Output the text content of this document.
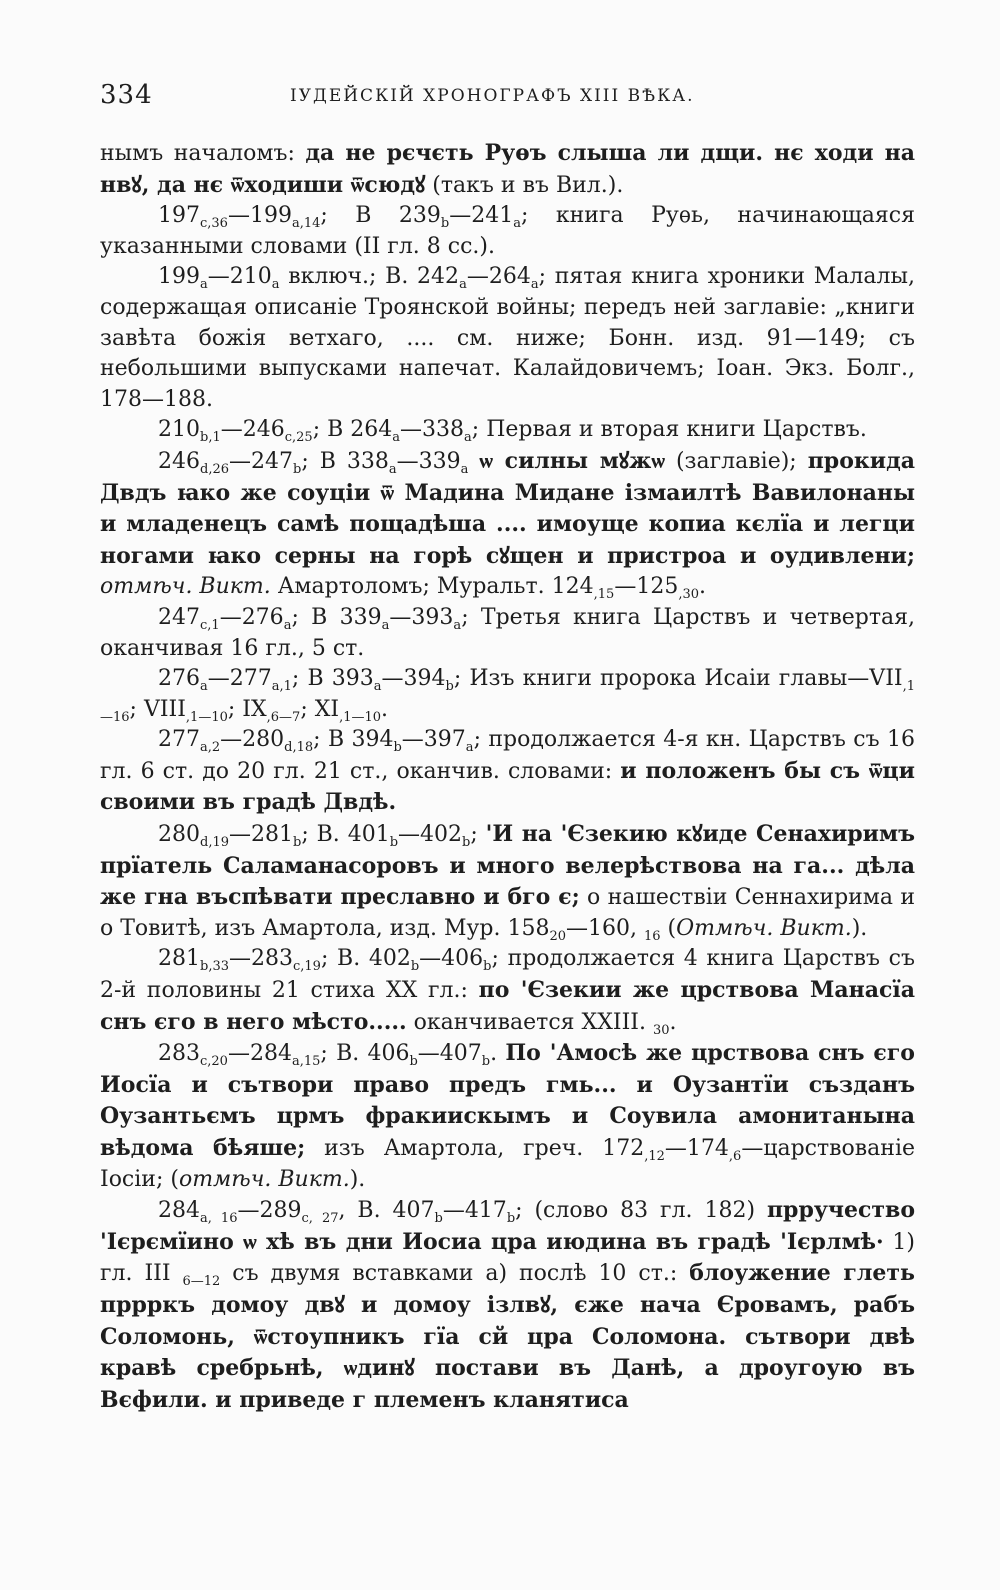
334	ІУДЕЙСКІЙ ХРОНОГРАФЪ XIII ВѢКА.

нымъ началомъ: да не рєчєть Руѳъ слыша ли дщи. нє ходи на нвꙋ, да нє ѿходиши ѿсюдꙋ (такъ и въ Вил.).

$197_{c,36}—199_{a,14}$; В $239_b—241_a$; книга Руѳь, начинающаяся указанными словами (II гл. 8 сс.).

$199_a—210_a$ включ.; В. $242_a—264_a$; пятая книга хроники Малалы, содержащая описаніе Троянской войны; передъ ней заглавіе: „книги завѣта божія ветхаго, .... см. ниже; Бонн. изд. 91—149; съ небольшими выпусками напечат. Калайдовичемъ; Іоан. Экз. Болг., 178—188.

$210_{b,1}—246_{c,25}$; В $264_a—338_a$; Первая и вторая книги Царствъ.

$246_{d,26}—247_b$; В $338_a—339_a$ ѡ силны мꙋжѡ (заглавіе); прокида Двдъ ꙗко же соуціи ѿ Мадина Мидане ізмаилтѣ Вавилонаны и младенецъ самѣ пощадѣша .... имоуще копиа кєлїа и легци ногами ꙗко серны на горѣ сꙋщен и пристроа и оудивлени; отмѣч. Викт. Амартоломъ; Муральт. $124_{,15}—125_{,30}$.

$247_{c,1}—276_a$; В $339_a—393_a$; Третья книга Царствъ и четвертая, оканчивая 16 гл., 5 ст.

$276_a—277_{a,1}$; В $393_a—394_b$; Изъ книги пророка Исаіи $главы—VII_{,1—16}$; $VIII_{,1—10}$; $IX_{,6—7}$; $XI_{,1—10}$.

$277_{a,2}—280_{d,18}$; В $394_b—397_a$; продолжается 4-я кн. Царствъ съ 16 гл. 6 ст. до 20 гл. 21 ст., оканчив. словами: и положенъ бы съ ѿци своими въ градѣ Двдѣ.

$280_{d,19}—281_b$; В. $401_b—402_b$; 'И на 'Єзекию кꙋиде Сенахиримъ прїатель Саламанасоровъ и много велерѣствова на га... дѣла же гна въспѣвати преславно и бго є; о нашествіи Сеннахирима и о Товитѣ, изъ Амартола, изд. Мур. $158_{20}—160$, $_{16}$ (Отмѣч. Викт.).

$281_{b,33}—283_{c,19}$; В. $402_b—406_b$; продолжается 4 книга Царствъ съ 2-й половины 21 стиха XX гл.: по 'Єзекии же црствова Манасїа снъ єго в него мѣсто..... оканчивается XXIII. $_{30}$.

$283_{c,20}—284_{a,15}$; В. $406_b—407_b$. По 'Амосѣ же црствова снъ єго Иосїа и сътвори право предъ гмь... и Оузантїи създанъ Оузантьємъ црмъ фракиискымъ и Соувила амонитанына вѣдома бѣяше; изъ Амартола, греч. $172_{,12}—174_{,6}—царствованіе$ Іосіи; (отмѣч. Викт.).

$284_{a, 16}—289_{c, 27}$, В. $407_b—417_b$; (слово 83 гл. 182) прручество 'Ієрємїино ѡ хѣ въ дни Иосиа цра июдина въ градѣ 'Ієрлмѣ· 1) гл. III $_{6—12}$ съ двумя вставками а) послѣ 10 ст.: блоужение глеть пррркъ домоу двꙋ и домоу ізлвꙋ, єже нача Єровамъ, рабъ Соломонь, ѿстоупникъ гїа сй цра Соломона. сътвори двѣ кравѣ сребрьнѣ, ѡдинꙋ постави въ Данѣ, а дроугоую въ Вєфили. и приведе г племенъ кланятиса
